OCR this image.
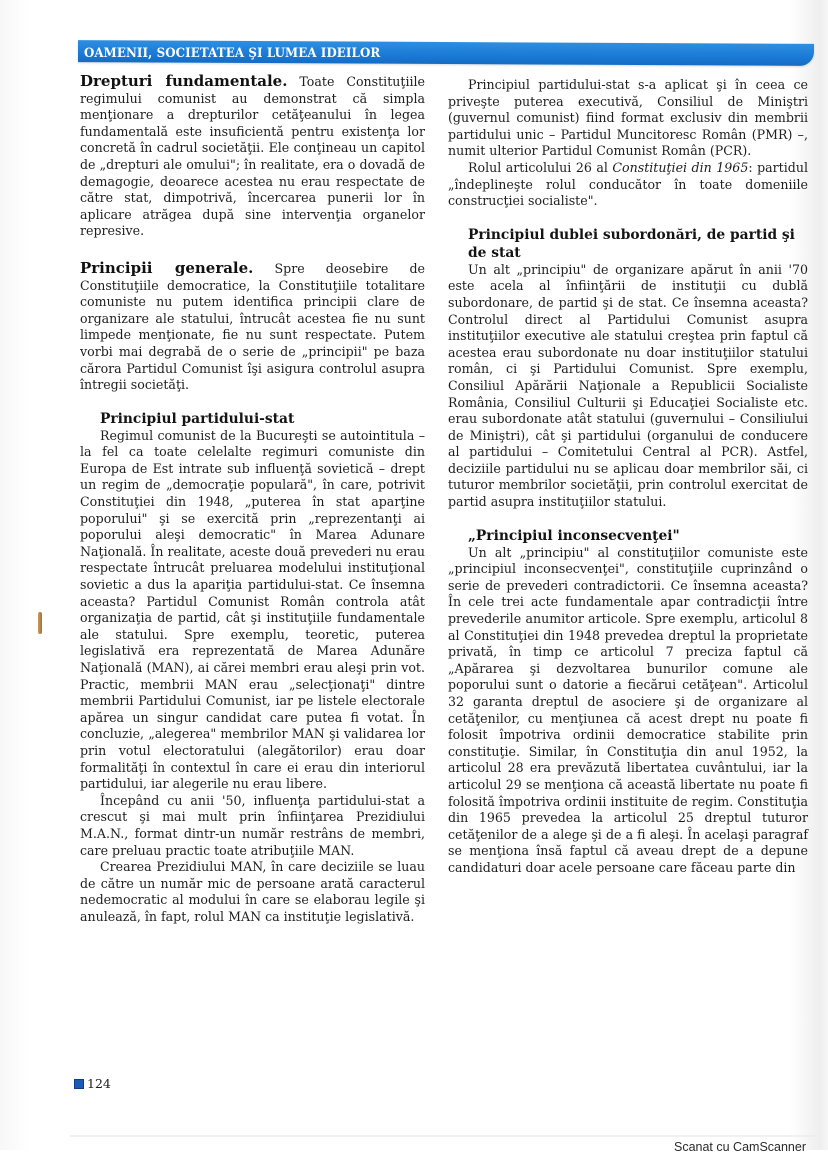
OAMENII, SOCIETATEA ŞI LUMEA IDEILOR

Drepturi fundamentale. Toate Constituţiile regimului comunist au demonstrat că simpla menţionare a drepturilor cetăţeanului în legea fundamentală este insuficientă pentru existenţa lor concretă în cadrul societăţii. Ele conţineau un capitol de „drepturi ale omului"; în realitate, era o dovadă de demagogie, deoarece acestea nu erau respectate de către stat, dimpotrivă, încercarea punerii lor în aplicare atrăgea după sine intervenţia organelor represive.

Principii generale. Spre deosebire de Constituţiile democratice, la Constituţiile totalitare comuniste nu putem identifica principii clare de organizare ale statului, întrucât acestea fie nu sunt limpede menţionate, fie nu sunt respectate. Putem vorbi mai degrabă de o serie de „principii" pe baza cărora Partidul Comunist îşi asigura controlul asupra întregii societăţi.

Principiul partidului-stat

Regimul comunist de la Bucureşti se autointitula – la fel ca toate celelalte regimuri comuniste din Europa de Est intrate sub influenţă sovietică – drept un regim de „democraţie populară", în care, potrivit Constituţiei din 1948, „puterea în stat aparţine poporului" şi se exercită prin „reprezentanţi ai poporului aleşi democratic" în Marea Adunare Naţională. În realitate, aceste două prevederi nu erau respectate întrucât preluarea modelului instituţional sovietic a dus la apariţia partidului-stat. Ce însemna aceasta? Partidul Comunist Român controla atât organizaţia de partid, cât şi instituţiile fundamentale ale statului. Spre exemplu, teoretic, puterea legislativă era reprezentată de Marea Adunăre Naţională (MAN), ai cărei membri erau aleşi prin vot. Practic, membrii MAN erau „selecţionaţi" dintre membrii Partidului Comunist, iar pe listele electorale apărea un singur candidat care putea fi votat. În concluzie, „alegerea" membrilor MAN şi validarea lor prin votul electoratului (alegătorilor) erau doar formalităţi în contextul în care ei erau din interiorul partidului, iar alegerile nu erau libere.

Începând cu anii '50, influenţa partidului-stat a crescut şi mai mult prin înfiinţarea Prezidiului M.A.N., format dintr-un număr restrâns de membri, care preluau practic toate atribuţiile MAN.

Crearea Prezidiului MAN, în care deciziile se luau de către un număr mic de persoane arată caracterul nedemocratic al modului în care se elaborau legile şi anulează, în fapt, rolul MAN ca instituţie legislativă.

Principiul partidului-stat s-a aplicat şi în ceea ce priveşte puterea executivă, Consiliul de Miniştri (guvernul comunist) fiind format exclusiv din membrii partidului unic – Partidul Muncitoresc Român (PMR) –, numit ulterior Partidul Comunist Român (PCR).

Rolul articolului 26 al Constituţiei din 1965: partidul „îndeplineşte rolul conducător în toate domeniile construcţiei socialiste".

Principiul dublei subordonări, de partid şi de stat

Un alt „principiu" de organizare apărut în anii '70 este acela al înfiinţării de instituţii cu dublă subordonare, de partid şi de stat. Ce însemna aceasta? Controlul direct al Partidului Comunist asupra instituţiilor executive ale statului creştea prin faptul că acestea erau subordonate nu doar instituţiilor statului român, ci şi Partidului Comunist. Spre exemplu, Consiliul Apărării Naţionale a Republicii Socialiste România, Consiliul Culturii şi Educaţiei Socialiste etc. erau subordonate atât statului (guvernului – Consiliului de Miniştri), cât şi partidului (organului de conducere al partidului – Comitetului Central al PCR). Astfel, deciziile partidului nu se aplicau doar membrilor săi, ci tuturor membrilor societăţii, prin controlul exercitat de partid asupra instituţiilor statului.

„Principiul inconsecvenţei"

Un alt „principiu" al constituţiilor comuniste este „principiul inconsecvenţei", constituţiile cuprinzând o serie de prevederi contradictorii. Ce însemna aceasta? În cele trei acte fundamentale apar contradicţii între prevederile anumitor articole. Spre exemplu, articolul 8 al Constituţiei din 1948 prevedea dreptul la proprietate privată, în timp ce articolul 7 preciza faptul că „Apărarea şi dezvoltarea bunurilor comune ale poporului sunt o datorie a fiecărui cetăţean". Articolul 32 garanta dreptul de asociere şi de organizare al cetăţenilor, cu menţiunea că acest drept nu poate fi folosit împotriva ordinii democratice stabilite prin constituţie. Similar, în Constituţia din anul 1952, la articolul 28 era prevăzută libertatea cuvântului, iar la articolul 29 se menţiona că această libertate nu poate fi folosită împotriva ordinii instituite de regim. Constituţia din 1965 prevedea la articolul 25 dreptul tuturor cetăţenilor de a alege şi de a fi aleşi. În acelaşi paragraf se menţiona însă faptul că aveau drept de a depune candidaturi doar acele persoane care făceau parte din

124
Scanat cu CamScanner
